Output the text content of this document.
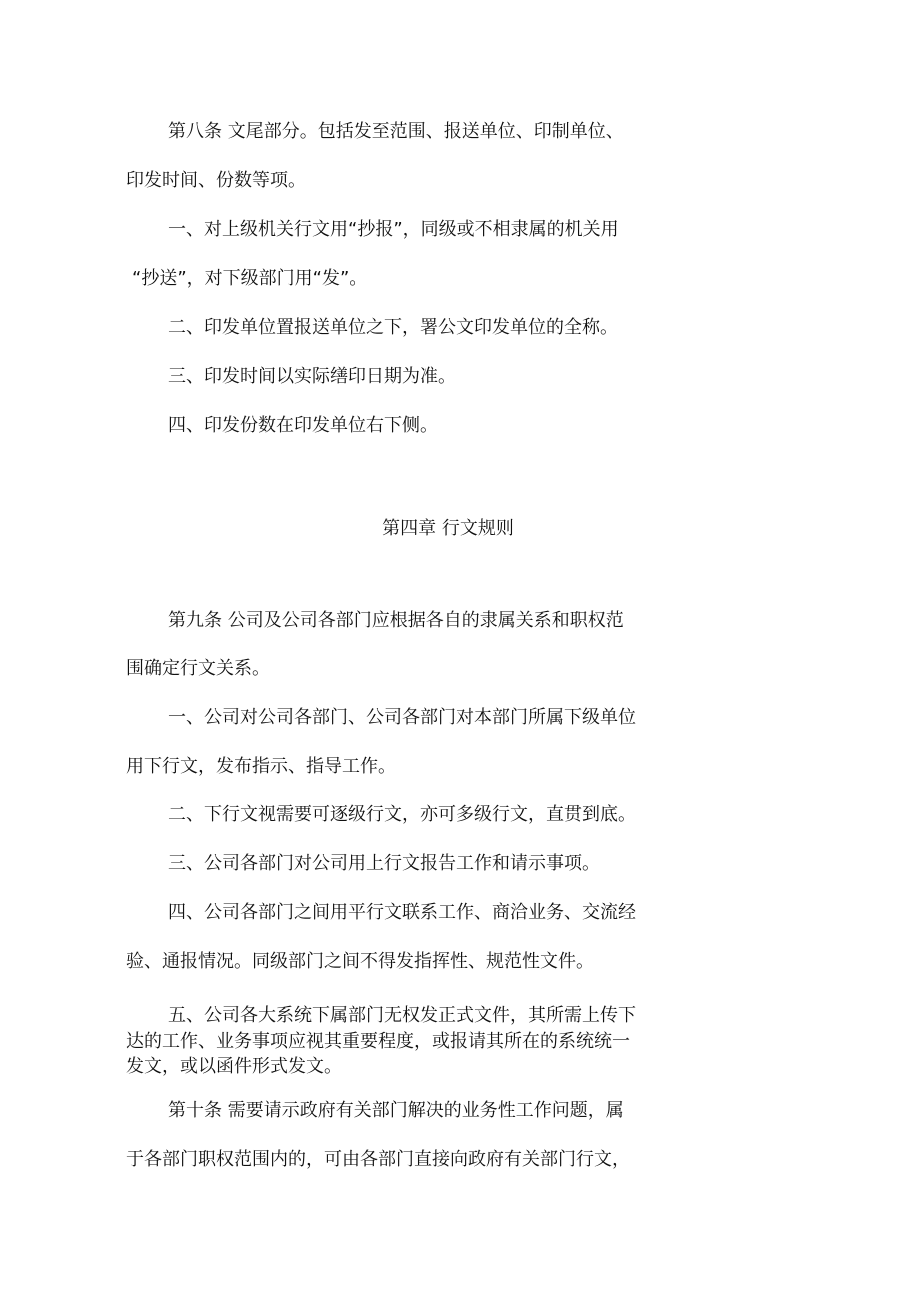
第八条 文尾部分。包括发至范围、报送单位、印制单位、

印发时间、份数等项。

一、对上级机关行文用“抄报”，同级或不相隶属的机关用

“抄送”，对下级部门用“发”。

二、印发单位置报送单位之下，署公文印发单位的全称。

三、印发时间以实际缮印日期为准。

四、印发份数在印发单位右下侧。

第四章 行文规则

第九条 公司及公司各部门应根据各自的隶属关系和职权范

围确定行文关系。

一、公司对公司各部门、公司各部门对本部门所属下级单位

用下行文，发布指示、指导工作。

二、下行文视需要可逐级行文，亦可多级行文，直贯到底。

三、公司各部门对公司用上行文报告工作和请示事项。

四、公司各部门之间用平行文联系工作、商洽业务、交流经

验、通报情况。同级部门之间不得发指挥性、规范性文件。

五、公司各大系统下属部门无权发正式文件，其所需上传下

达的工作、业务事项应视其重要程度，或报请其所在的系统统一

发文，或以函件形式发文。

第十条 需要请示政府有关部门解决的业务性工作问题，属

于各部门职权范围内的，可由各部门直接向政府有关部门行文，
